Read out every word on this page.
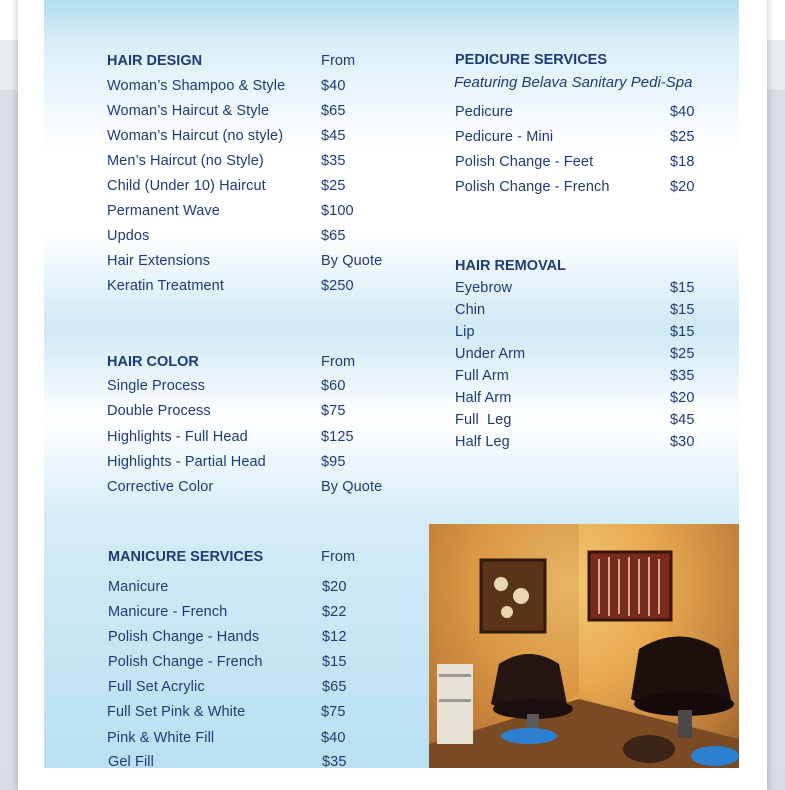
HAIR DESIGN	From
Woman’s Shampoo & Style $40
Woman’s Haircut & Style	$65
Woman’s Haircut (no style)	$45
Men’s Haircut (no Style)	$35
Child (Under 10) Haircut	$25
Permanent Wave	$100
Updos	$65
Hair Extensions	By Quote
Keratin Treatment	$250
HAIR COLOR	From
Single Process	$60
Double Process	$75
Highlights - Full Head	$125
Highlights - Partial Head	$95
Corrective Color	By Quote
MANICURE SERVICES	From
Manicure	$20
Manicure - French	$22
Polish Change - Hands	$12
Polish Change - French	$15
Full Set Acrylic	$65
Full Set Pink & White	$75
Pink & White Fill	$40
Gel Fill	$35
PEDICURE SERVICES
Featuring Belava Sanitary Pedi-Spa
Pedicure	$40
Pedicure - Mini	$25
Polish Change - Feet	$18
Polish Change - French	$20
HAIR REMOVAL
Eyebrow	$15
Chin	$15
Lip	$15
Under Arm	$25
Full Arm	$35
Half Arm	$20
Full  Leg	$45
Half Leg	$30
